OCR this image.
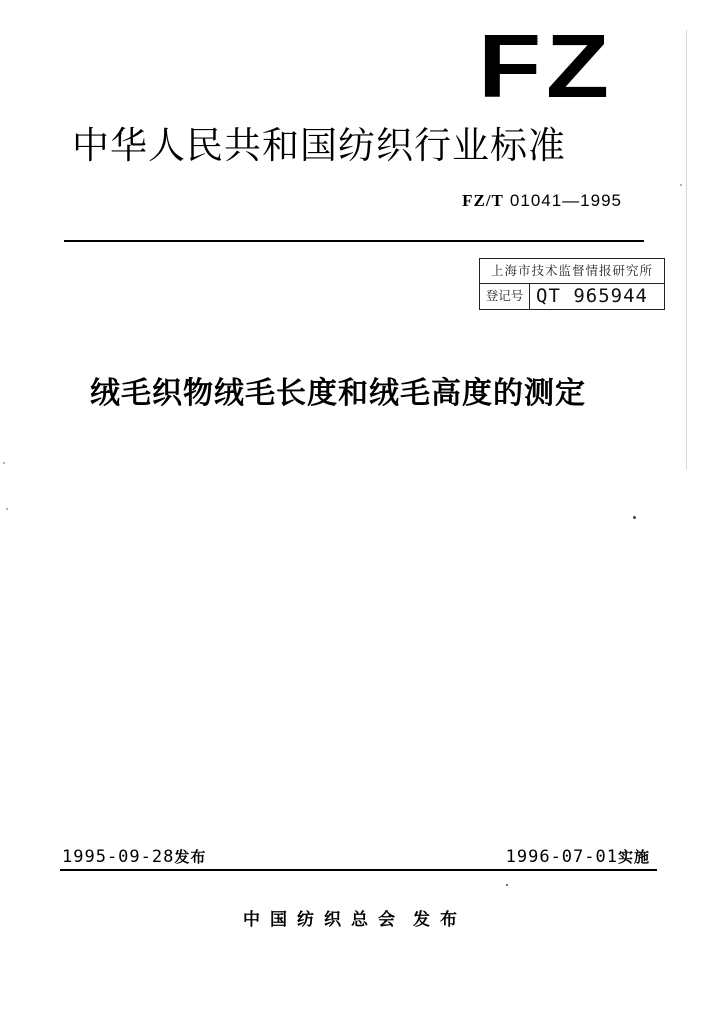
FZ
中华人民共和国纺织行业标准
FZ/T 01041—1995
上海市技术监督情报研究所
登记号 QT 965944
绒毛织物绒毛长度和绒毛高度的测定
1995-09-28发布	1996-07-01实施
中国纺织总会 发布
